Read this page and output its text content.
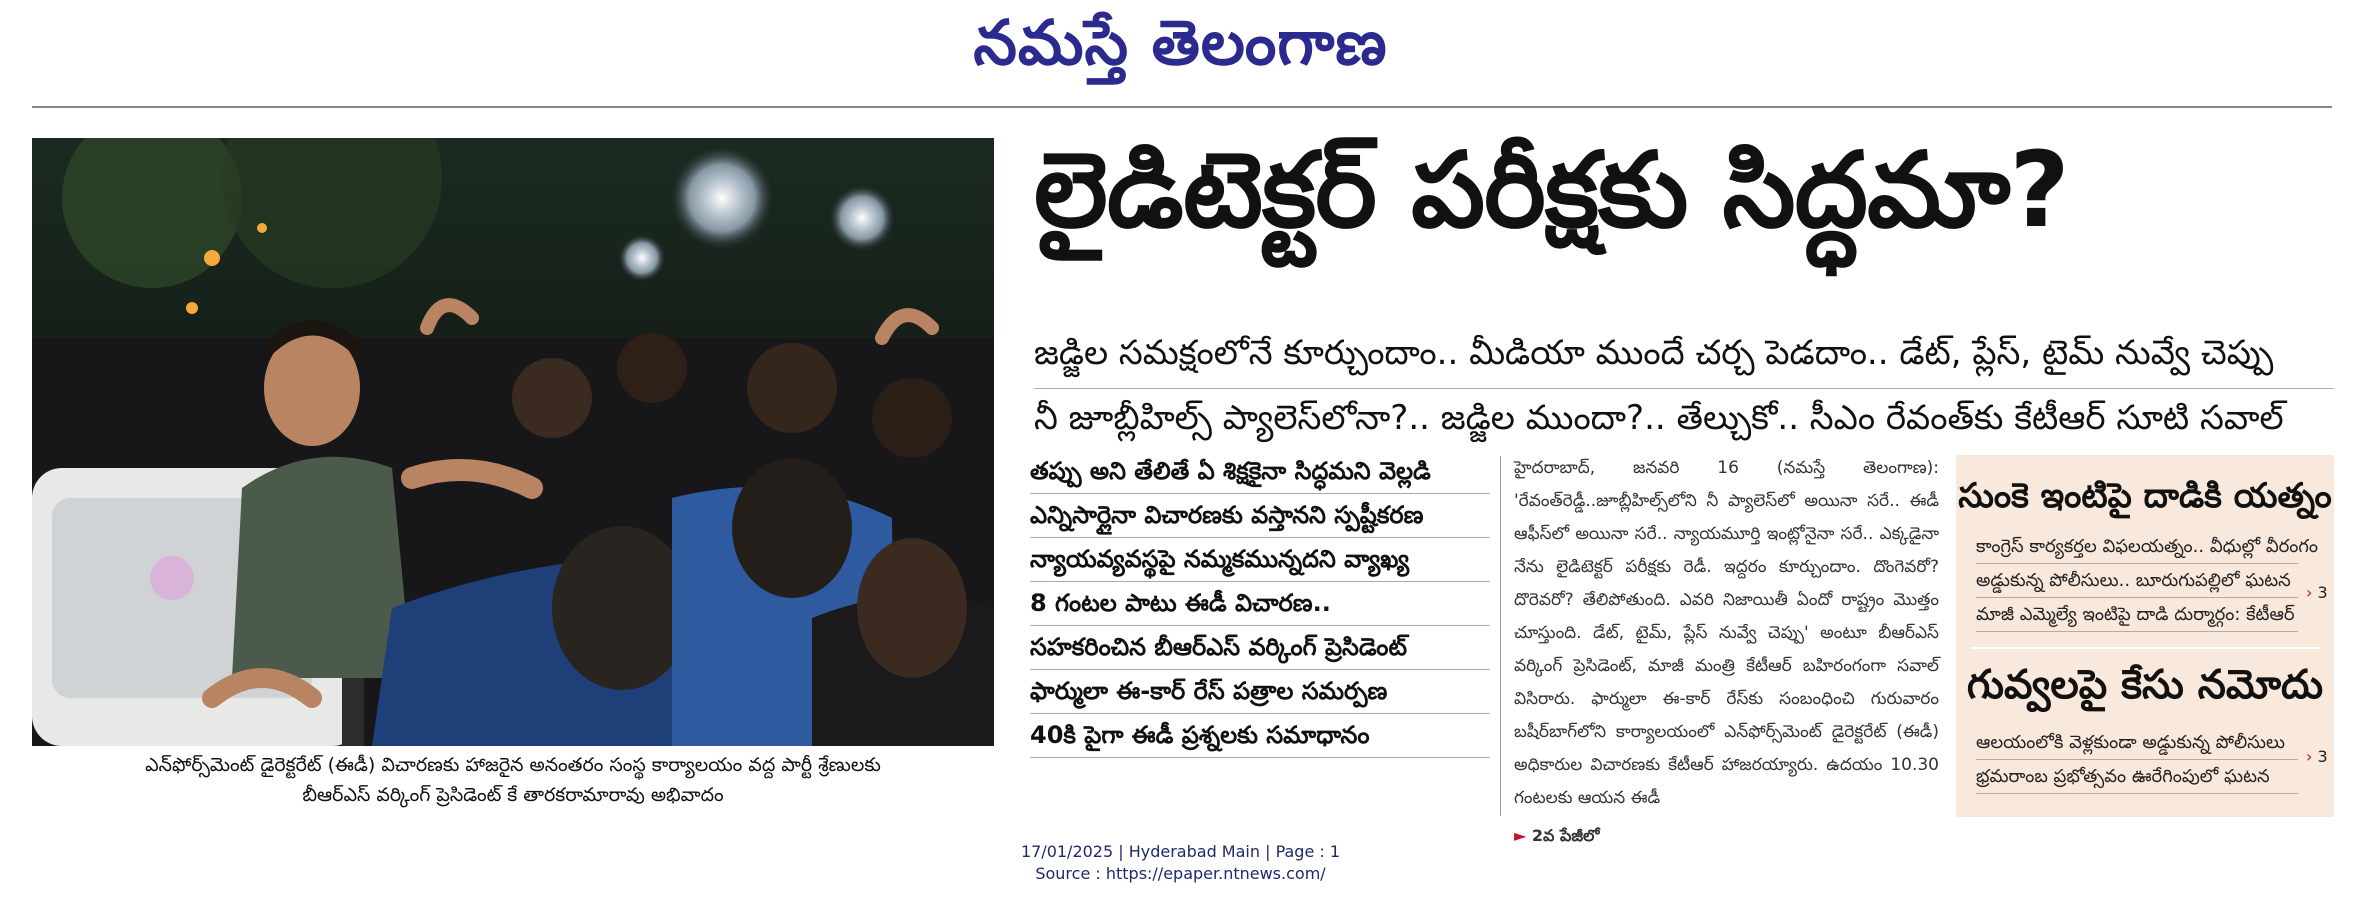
నమస్తే తెలంగాణ
ఎన్‌ఫోర్స్‌మెంట్ డైరెక్టరేట్ (ఈడీ) విచారణకు హాజరైన అనంతరం సంస్థ కార్యాలయం వద్ద పార్టీ శ్రేణులకు
బీఆర్‌ఎస్ వర్కింగ్ ప్రెసిడెంట్ కే తారకరామారావు అభివాదం
లైడిటెక్టర్ పరీక్షకు సిద్ధమా?
జడ్జిల సమక్షంలోనే కూర్చుందాం.. మీడియా ముందే చర్చ పెడదాం.. డేట్, ప్లేస్, టైమ్ నువ్వే చెప్పు
నీ జూబ్లీహిల్స్ ప్యాలెస్‌లోనా?.. జడ్జిల ముందా?.. తేల్చుకో.. సీఎం రేవంత్‌కు కేటీఆర్ సూటి సవాల్
తప్పు అని తేలితే ఏ శిక్షకైనా సిద్ధమని వెల్లడి
ఎన్నిసార్లైనా విచారణకు వస్తానని స్పష్టీకరణ
న్యాయవ్యవస్థపై నమ్మకమున్నదని వ్యాఖ్య
8 గంటల పాటు ఈడీ విచారణ..
సహకరించిన బీఆర్‌ఎస్ వర్కింగ్ ప్రెసిడెంట్
ఫార్ములా ఈ-కార్ రేస్ పత్రాల సమర్పణ
40కి పైగా ఈడీ ప్రశ్నలకు సమాధానం
హైదరాబాద్, జనవరి 16 (నమస్తే తెలంగాణ): 'రేవంత్‌రెడ్డీ..జూబ్లీహిల్స్‌లోని నీ ప్యాలెస్‌లో అయినా సరే.. ఈడీ ఆఫీస్‌లో అయినా సరే.. న్యాయమూర్తి ఇంట్లోనైనా సరే.. ఎక్కడైనా నేను లైడిటెక్టర్ పరీక్షకు రెడీ. ఇద్దరం కూర్చుందాం. దొంగెవరో? దొరెవరో? తేలిపోతుంది. ఎవరి నిజాయితీ ఏందో రాష్ట్రం మొత్తం చూస్తుంది. డేట్, టైమ్, ప్లేస్ నువ్వే చెప్పు' అంటూ బీఆర్‌ఎస్ వర్కింగ్ ప్రెసిడెంట్, మాజీ మంత్రి కేటీఆర్ బహిరంగంగా సవాల్ విసిరారు. ఫార్ములా ఈ-కార్ రేస్‌కు సంబంధించి గురువారం బషీర్‌బాగ్‌లోని కార్యాలయంలో ఎన్‌ఫోర్స్‌మెంట్ డైరెక్టరేట్ (ఈడీ) అధికారుల విచారణకు కేటీఆర్ హాజరయ్యారు. ఉదయం 10.30 గంటలకు ఆయన ఈడీ
► 2వ పేజీలో
సుంకె ఇంటిపై దాడికి యత్నం
కాంగ్రెస్ కార్యకర్తల విఫలయత్నం.. వీధుల్లో వీరంగం
అడ్డుకున్న పోలీసులు.. బూరుగుపల్లిలో ఘటన
మాజీ ఎమ్మెల్యే ఇంటిపై దాడి దుర్మార్గం: కేటీఆర్
› 3
గువ్వలపై కేసు నమోదు
ఆలయంలోకి వెళ్లకుండా అడ్డుకున్న పోలీసులు
భ్రమరాంబ ప్రభోత్సవం ఊరేగింపులో ఘటన
› 3
17/01/2025 | Hyderabad Main | Page : 1
Source : https://epaper.ntnews.com/
